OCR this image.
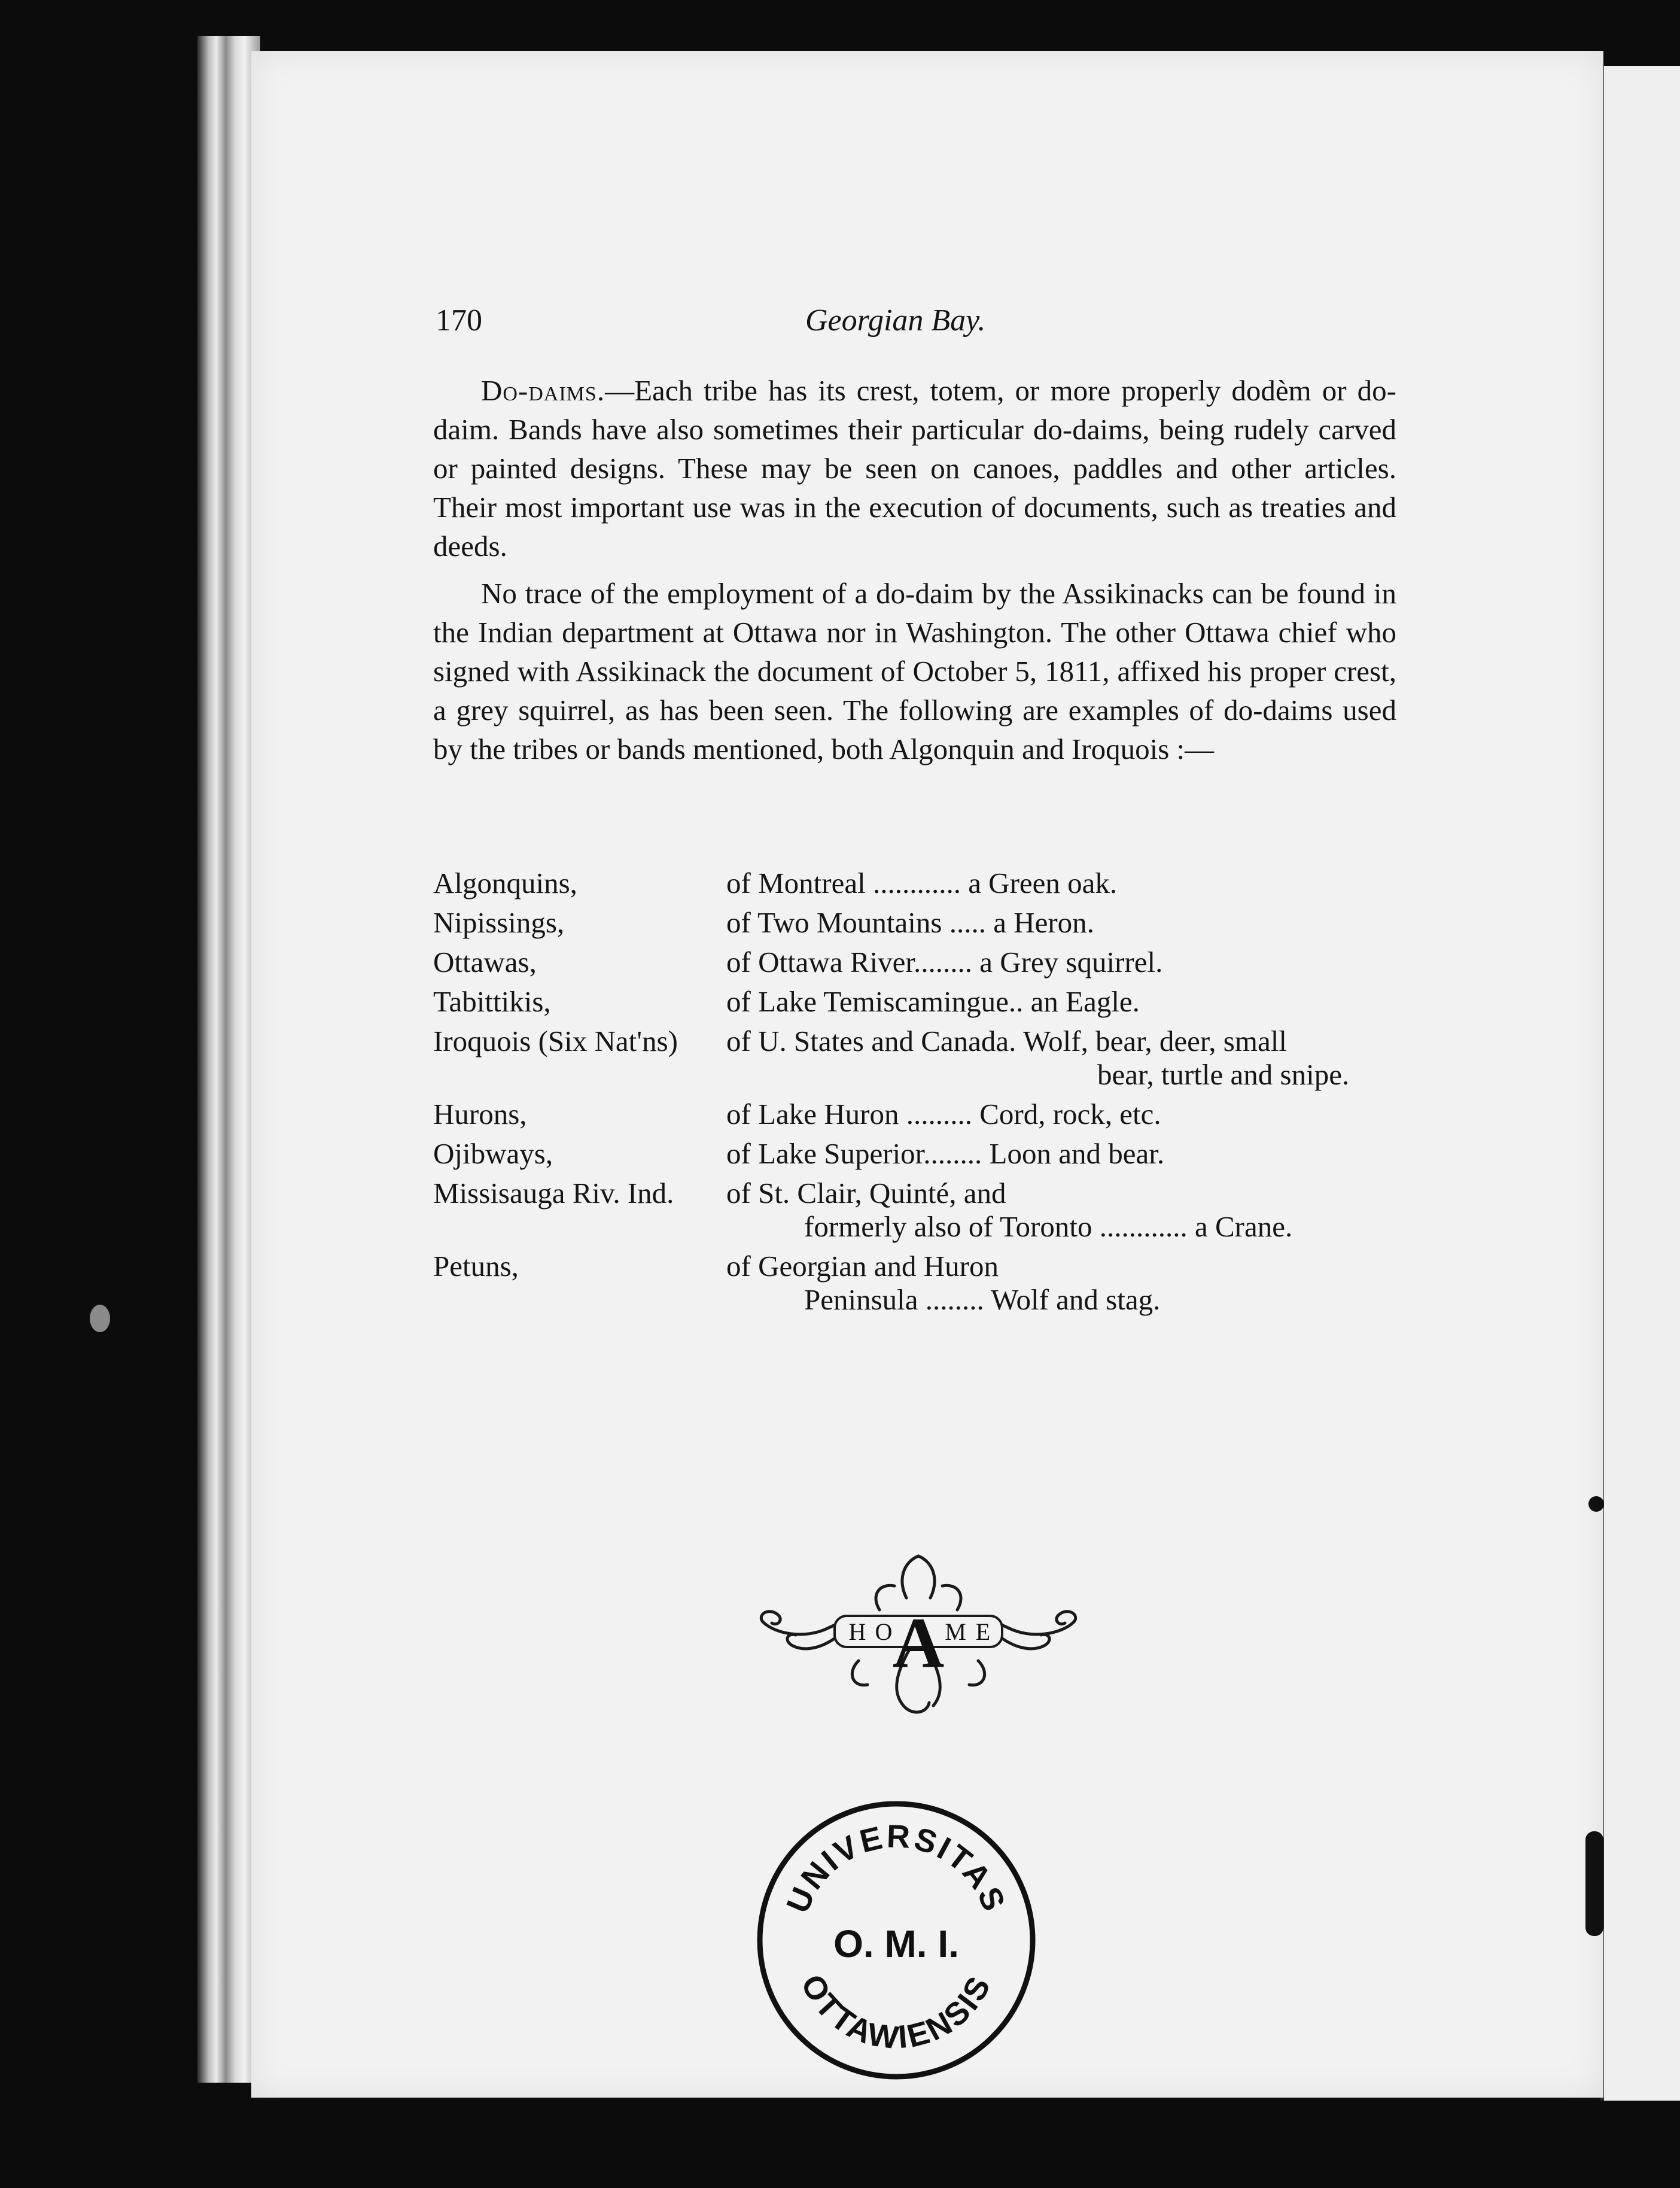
170	Georgian Bay.

Do-daims.—Each tribe has its crest, totem, or more properly dodèm or do-daim. Bands have also sometimes their particular do-daims, being rudely carved or painted designs. These may be seen on canoes, paddles and other articles. Their most important use was in the execution of documents, such as treaties and deeds.

No trace of the employment of a do-daim by the Assikinacks can be found in the Indian department at Ottawa nor in Washington. The other Ottawa chief who signed with Assikinack the document of October 5, 1811, affixed his proper crest, a grey squirrel, as has been seen. The following are examples of do-daims used by the tribes or bands mentioned, both Algonquin and Iroquois :—

Algonquins,	of Montreal ............ a Green oak.
Nipissings,	of Two Mountains ..... a Heron.
Ottawas,	of Ottawa River........ a Grey squirrel.
Tabittikis,	of Lake Temiscamingue.. an Eagle.
Iroquois (Six Nat'ns) of U. States and Canada. Wolf, bear, deer, small
bear, turtle and snipe.
Hurons,	of Lake Huron ......... Cord, rock, etc.
Ojibways,	of Lake Superior........ Loon and bear.
Missisauga Riv. Ind. of St. Clair, Quinté, and
formerly also of Toronto ............ a Crane.
Petuns,	of Georgian and Huron
Peninsula ........ Wolf and stag.
H O M E
A
UNIVERSITAS
O. M. I.
OTTAWIENSIS
